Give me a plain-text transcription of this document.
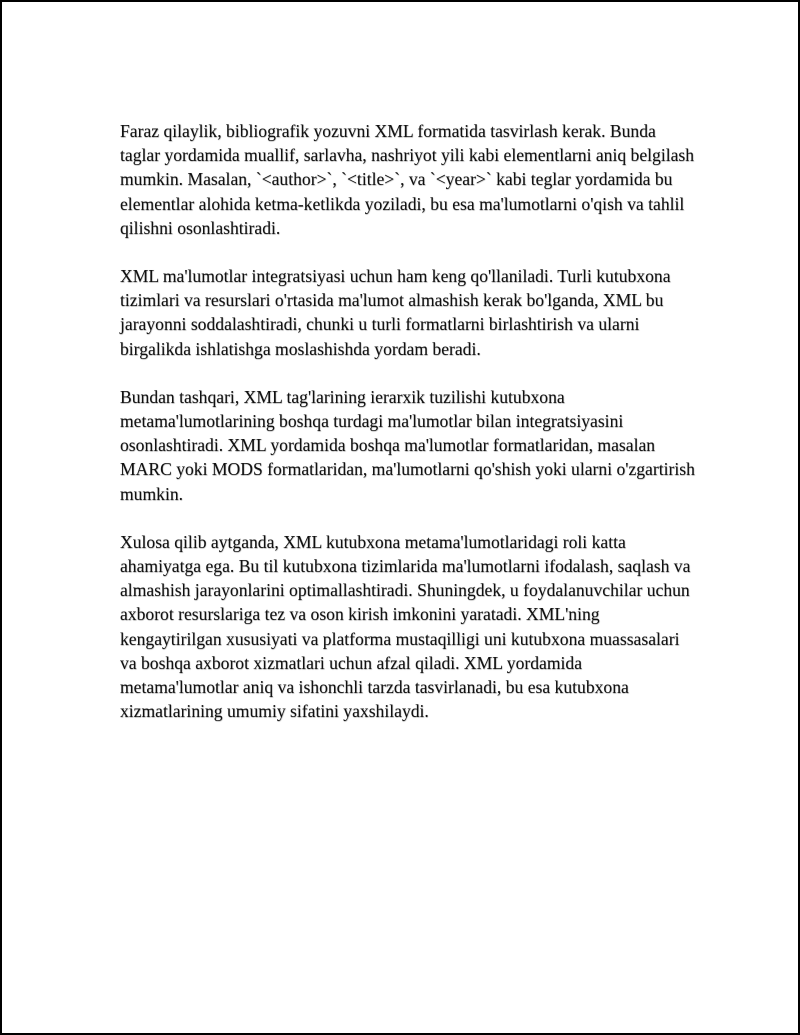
Faraz qilaylik, bibliografik yozuvni XML formatida tasvirlash kerak. Bunda taglar yordamida muallif, sarlavha, nashriyot yili kabi elementlarni aniq belgilash mumkin. Masalan, `<author>`, `<title>`, va `<year>` kabi teglar yordamida bu elementlar alohida ketma-ketlikda yoziladi, bu esa ma'lumotlarni o'qish va tahlil qilishni osonlashtiradi.

XML ma'lumotlar integratsiyasi uchun ham keng qo'llaniladi. Turli kutubxona tizimlari va resurslari o'rtasida ma'lumot almashish kerak bo'lganda, XML bu jarayonni soddalashtiradi, chunki u turli formatlarni birlashtirish va ularni birgalikda ishlatishga moslashishda yordam beradi.

Bundan tashqari, XML tag'larining ierarxik tuzilishi kutubxona metama'lumotlarining boshqa turdagi ma'lumotlar bilan integratsiyasini osonlashtiradi. XML yordamida boshqa ma'lumotlar formatlaridan, masalan MARC yoki MODS formatlaridan, ma'lumotlarni qo'shish yoki ularni o'zgartirish mumkin.

Xulosa qilib aytganda, XML kutubxona metama'lumotlaridagi roli katta ahamiyatga ega. Bu til kutubxona tizimlarida ma'lumotlarni ifodalash, saqlash va almashish jarayonlarini optimallashtiradi. Shuningdek, u foydalanuvchilar uchun axborot resurslariga tez va oson kirish imkonini yaratadi. XML'ning kengaytirilgan xususiyati va platforma mustaqilligi uni kutubxona muassasalari va boshqa axborot xizmatlari uchun afzal qiladi. XML yordamida metama'lumotlar aniq va ishonchli tarzda tasvirlanadi, bu esa kutubxona xizmatlarining umumiy sifatini yaxshilaydi.
